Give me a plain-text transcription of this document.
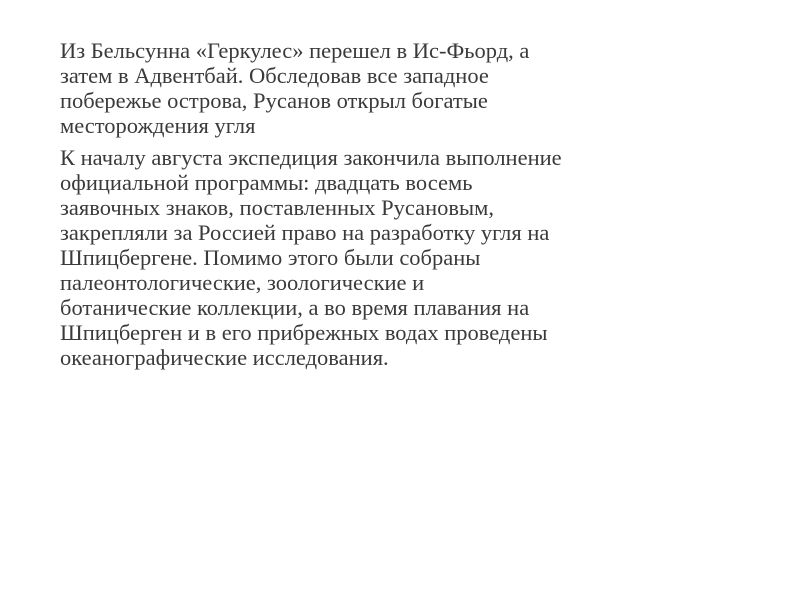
Из Бельсунна «Геркулес» перешел в Ис-Фьорд, а
затем в Адвентбай. Обследовав все западное
побережье острова, Русанов открыл богатые
месторождения угля
К началу августа экспедиция закончила выполнение
официальной программы: двадцать восемь
заявочных знаков, поставленных Русановым,
закрепляли за Россией право на разработку угля на
Шпицбергене. Помимо этого были собраны
палеонтологические, зоологические и
ботанические коллекции, а во время плавания на
Шпицберген и в его прибрежных водах проведены
океанографические исследования.
